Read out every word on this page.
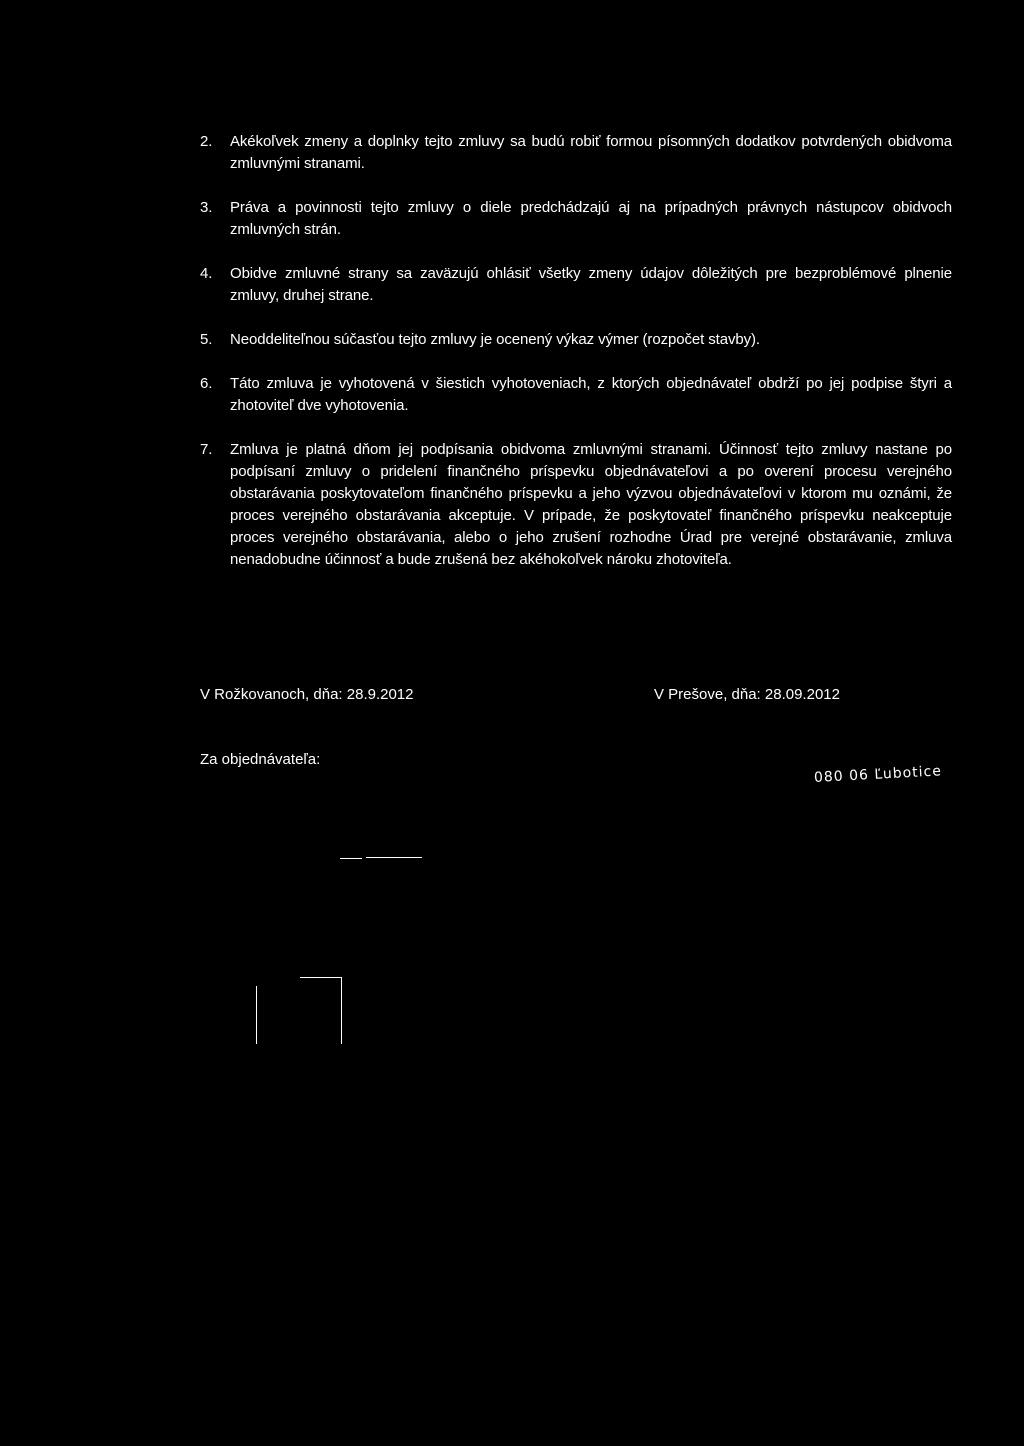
2.	Akékoľvek zmeny a doplnky tejto zmluvy sa budú robiť formou písomných dodatkov potvrdených obidvoma zmluvnými stranami.

3.	Práva a povinnosti tejto zmluvy o diele predchádzajú aj na prípadných právnych nástupcov obidvoch zmluvných strán.

4.	Obidve zmluvné strany sa zaväzujú ohlásiť všetky zmeny údajov dôležitých pre bezproblémové plnenie zmluvy, druhej strane.

5.	Neoddeliteľnou súčasťou tejto zmluvy je ocenený výkaz výmer (rozpočet stavby).

6.	Táto zmluva je vyhotovená v šiestich vyhotoveniach, z ktorých objednávateľ obdrží po jej podpise štyri a zhotoviteľ dve vyhotovenia.

7.	Zmluva je platná dňom jej podpísania obidvoma zmluvnými stranami. Účinnosť tejto zmluvy nastane po podpísaní zmluvy o pridelení finančného príspevku objednávateľovi a po overení procesu verejného obstarávania poskytovateľom finančného príspevku a jeho výzvou objednávateľovi v ktorom mu oznámi, že proces verejného obstarávania akceptuje. V prípade, že poskytovateľ finančného príspevku neakceptuje proces verejného obstarávania, alebo o jeho zrušení rozhodne Úrad pre verejné obstarávanie, zmluva nenadobudne účinnosť a bude zrušená bez akéhokoľvek nároku zhotoviteľa.

V Rožkovanoch, dňa: 28.9.2012	V Prešove, dňa: 28.09.2012
Za objednávateľa:
080 06 Ľubotice
